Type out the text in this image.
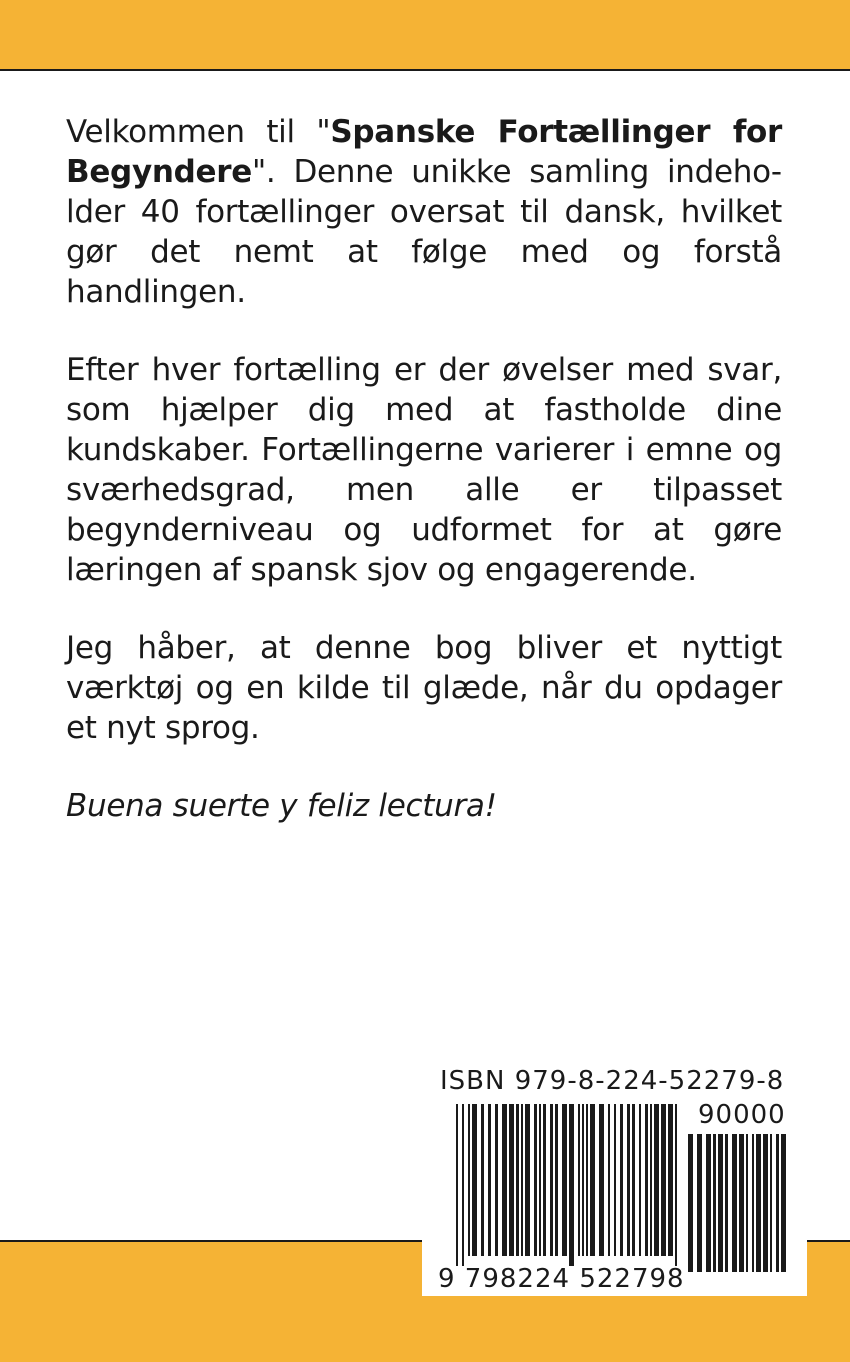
Velkommen til "Spanske Fortællinger for Begyndere". Denne unikke samling indeholder 40 fortællinger oversat til dansk, hvilket gør det nemt at følge med og forstå handlingen.

Efter hver fortælling er der øvelser med svar, som hjælper dig med at fastholde dine kundskaber. Fortællingerne varierer i emne og sværhedsgrad, men alle er tilpasset begynderniveau og udformet for at gøre læringen af spansk sjov og engagerende.

Jeg håber, at denne bog bliver et nyttigt værktøj og en kilde til glæde, når du opdager et nyt sprog.

Buena suerte y feliz lectura!

ISBN 979-8-224-52279-8
90000
9 798224 522798
